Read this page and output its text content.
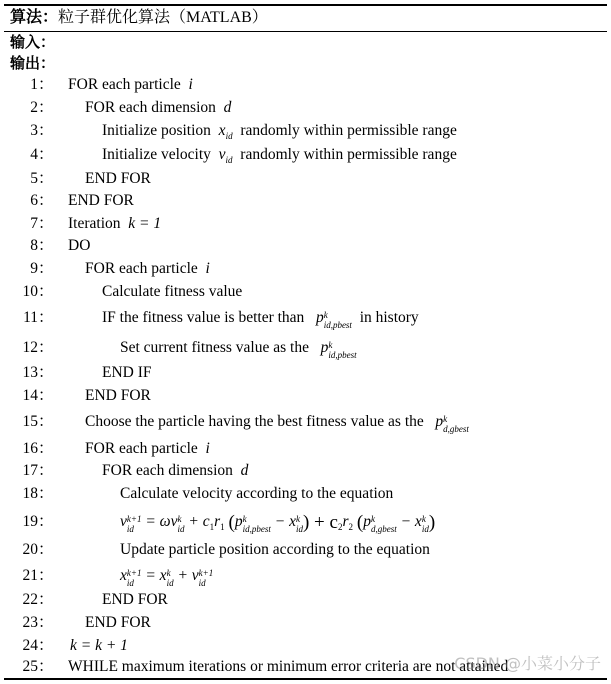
算法：粒子群优化算法（MATLAB）
输入：
输出：
1 ： FOR each particle i
2 ： FOR each dimension d
3 ：	Initialize position $x_{id}$ randomly within permissible range
4 ：	Initialize velocity $v_{id}$ randomly within permissible range
5 ： END FOR
6 ： END FOR
7 ： Iteration k = 1
8 ： DO
9 ： FOR each particle i
10 ：	Calculate fitness value
11 ：	IF the fitness value is better than p k
id,pbest in history
12 ：	Set current fitness value as the p k
id,pbest
13 ：	END IF
14 ： END FOR
15 ： Choose the particle having the best fitness value as the p k
d,gbest
16 ： FOR each particle i
17 ：	FOR each dimension d
18 ：	Calculate velocity according to the equation
19 ：	v k+1
id = ωv k
id + $c_1r_1$ (p k
id,pbest − x k
id ) + $c_2r_2$ (p k
d,gbest − x k
id )
20 ：	Update particle position according to the equation
21 ：	x k+1
id = x k
id + v k+1
id
22 ：	END FOR
23 ： END FOR
24 ： k = k + 1
25 ： WHILE maximum iterations or minimum error criteria are not attained
CSDN @小菜小分子
